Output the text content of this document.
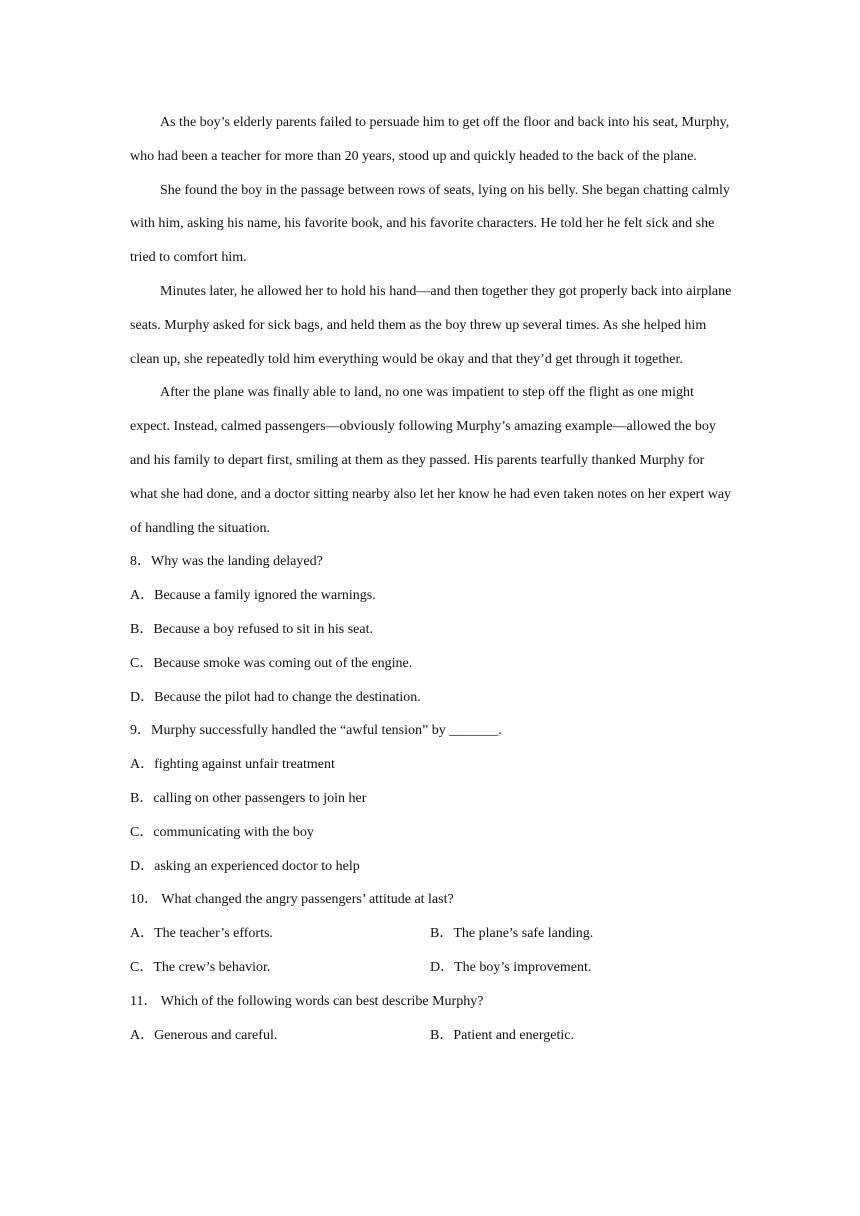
As the boy’s elderly parents failed to persuade him to get off the floor and back into his seat, Murphy, who had been a teacher for more than 20 years, stood up and quickly headed to the back of the plane.

She found the boy in the passage between rows of seats, lying on his belly. She began chatting calmly with him, asking his name, his favorite book, and his favorite characters. He told her he felt sick and she tried to comfort him.

Minutes later, he allowed her to hold his hand—and then together they got properly back into airplane seats. Murphy asked for sick bags, and held them as the boy threw up several times. As she helped him clean up, she repeatedly told him everything would be okay and that they’d get through it together.

After the plane was finally able to land, no one was impatient to step off the flight as one might expect. Instead, calmed passengers—obviously following Murphy’s amazing example—allowed the boy and his family to depart first, smiling at them as they passed. His parents tearfully thanked Murphy for what she had done, and a doctor sitting nearby also let her know he had even taken notes on her expert way of handling the situation.

8．Why was the landing delayed?
A．Because a family ignored the warnings.
B．Because a boy refused to sit in his seat.
C．Because smoke was coming out of the engine.
D．Because the pilot had to change the destination.
9．Murphy successfully handled the “awful tension” by _______.
A．fighting against unfair treatment
B．calling on other passengers to join her
C．communicating with the boy
D．asking an experienced doctor to help
10． What changed the angry passengers’ attitude at last?
A．The teacher’s efforts.	B．The plane’s safe landing.
C．The crew’s behavior.	D．The boy’s improvement.
11． Which of the following words can best describe Murphy?
A．Generous and careful.	B．Patient and energetic.
